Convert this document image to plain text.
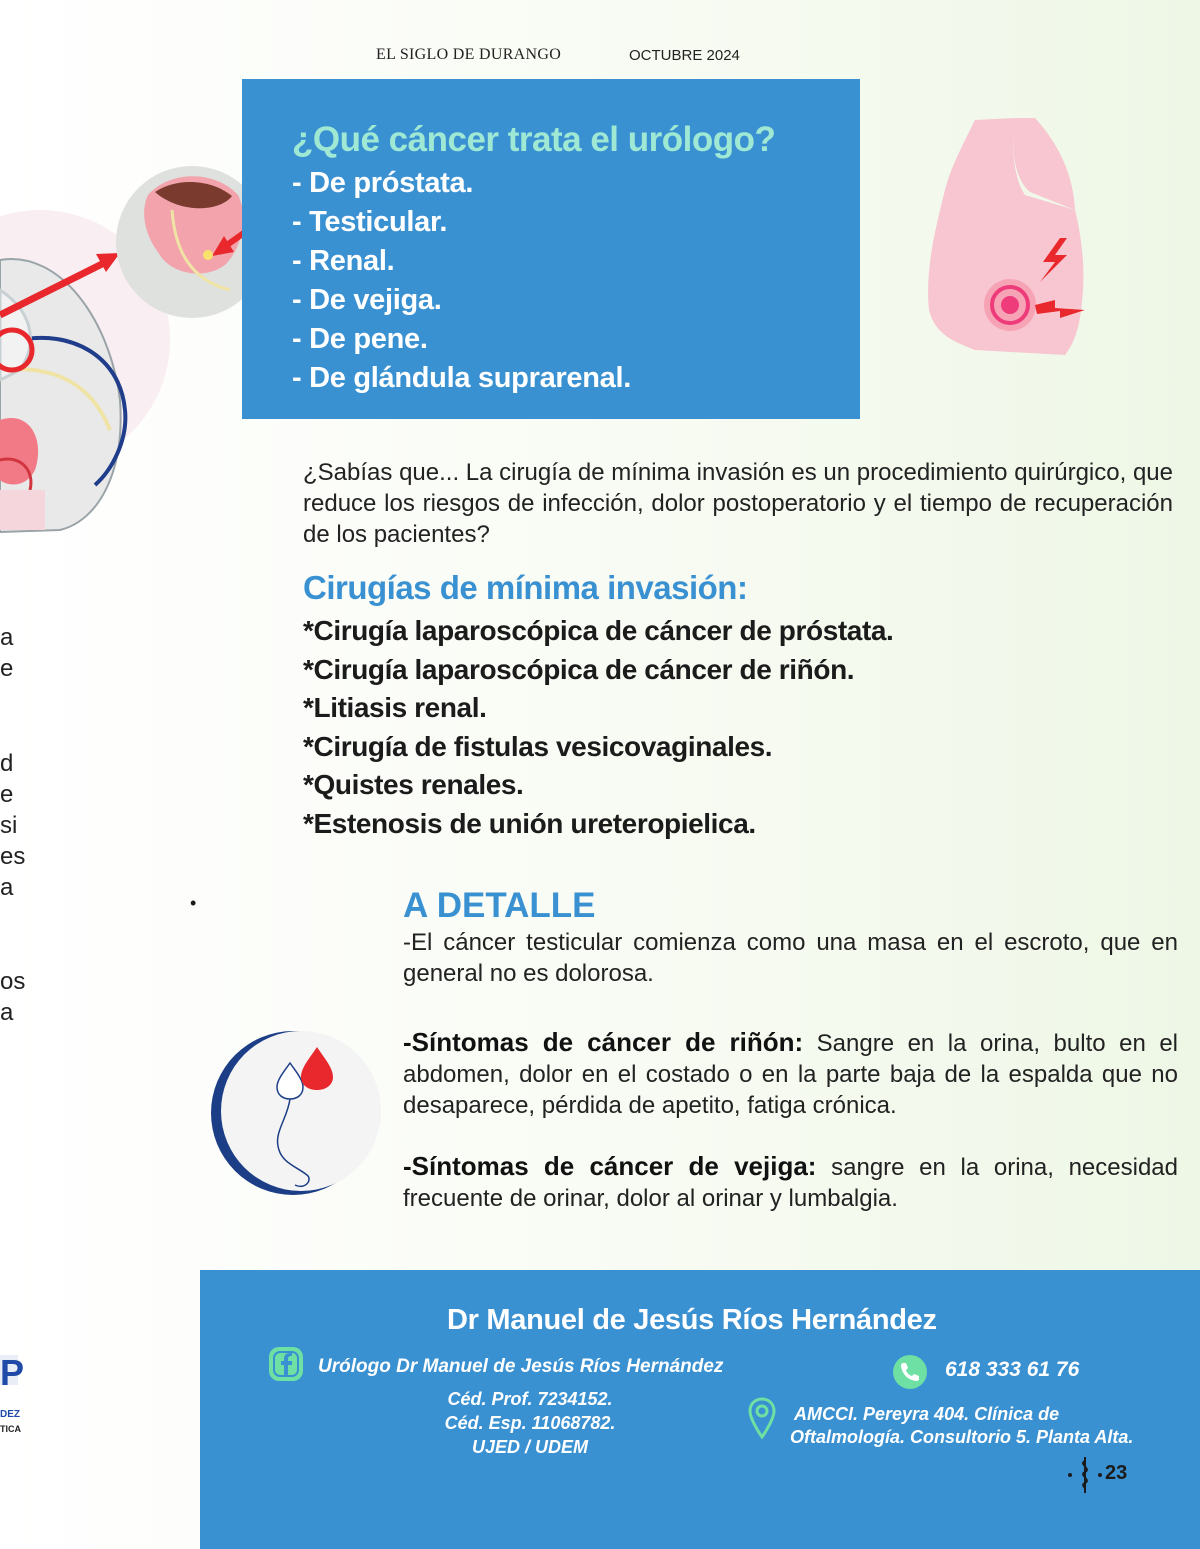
EL SIGLO DE DURANGO	OCTUBRE 2024
¿Qué cáncer trata el urólogo?
- De próstata.
- Testicular.
- Renal.
- De vejiga.
- De pene.
- De glándula suprarenal.
¿Sabías que... La cirugía de mínima invasión es un procedimiento quirúrgico, que reduce los riesgos de infección, dolor postoperatorio y el tiempo de recuperación de los pacientes?
Cirugías de mínima invasión:
*Cirugía laparoscópica de cáncer de próstata.
*Cirugía laparoscópica de cáncer de riñón.
*Litiasis renal.
*Cirugía de fistulas vesicovaginales.
*Quistes renales.
*Estenosis de unión ureteropielica.
a
e
d
e
si
es
a
os
a
•	A DETALLE

-El cáncer testicular comienza como una masa en el escroto, que en general no es dolorosa.

-Síntomas de cáncer de riñón: Sangre en la orina, bulto en el abdomen, dolor en el costado o en la parte baja de la espalda que no desaparece, pérdida de apetito, fatiga crónica.

-Síntomas de cáncer de vejiga: sangre en la orina, necesidad frecuente de orinar, dolor al orinar y lumbalgia.

P
DEZ
TICA
Dr Manuel de Jesús Ríos Hernández
Urólogo Dr Manuel de Jesús Ríos Hernández
Céd. Prof. 7234152.
Céd. Esp. 11068782.
UJED / UDEM
618 333 61 76
AMCCI. Pereyra 404. Clínica de
Oftalmología. Consultorio 5. Planta Alta.
23
